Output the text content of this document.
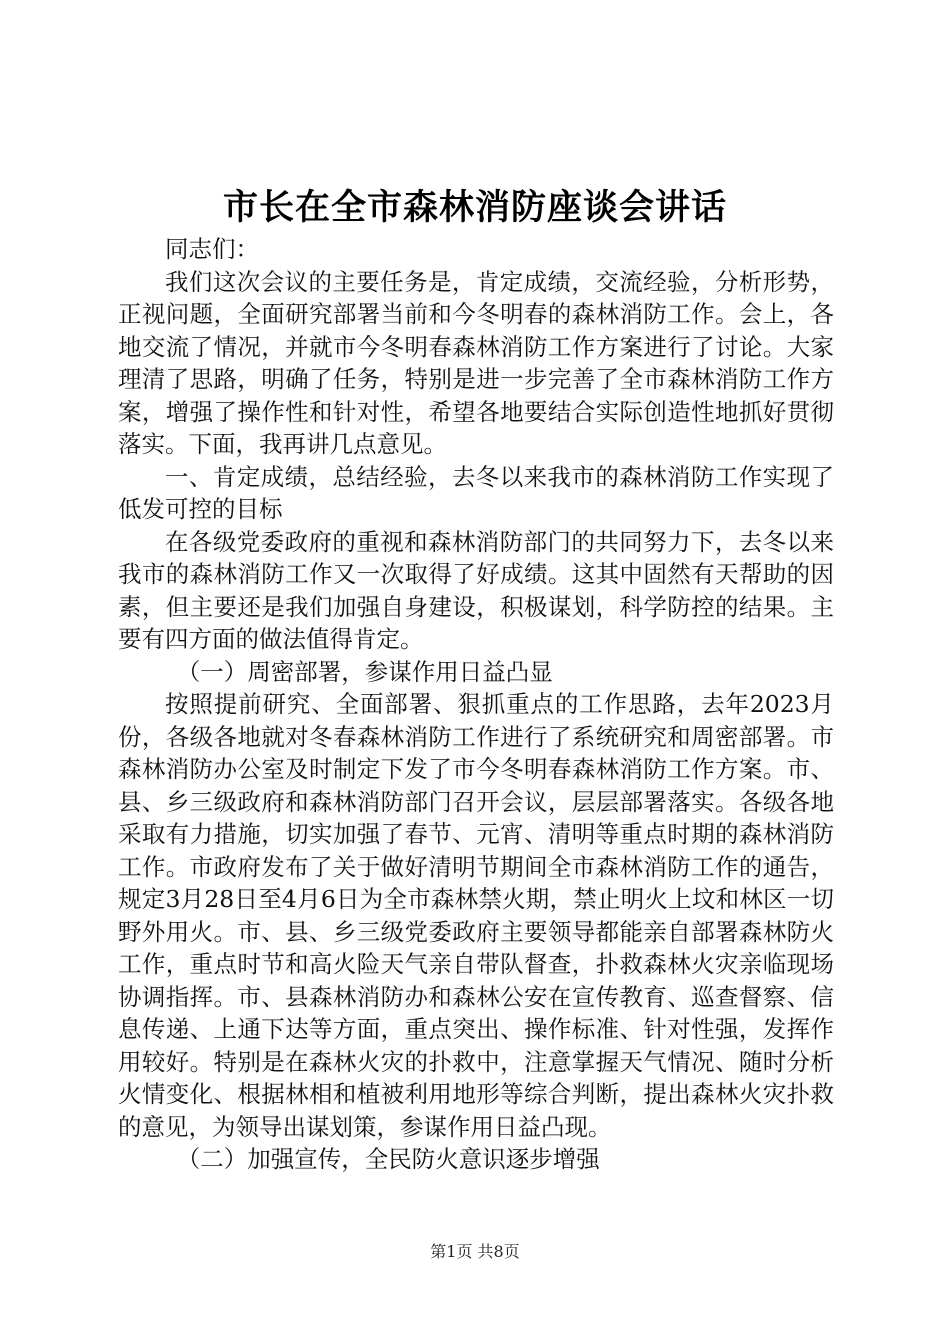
市长在全市森林消防座谈会讲话

同志们：

我们这次会议的主要任务是，肯定成绩，交流经验，分析形势，正视问题，全面研究部署当前和今冬明春的森林消防工作。会上，各地交流了情况，并就市今冬明春森林消防工作方案进行了讨论。大家理清了思路，明确了任务，特别是进一步完善了全市森林消防工作方案，增强了操作性和针对性，希望各地要结合实际创造性地抓好贯彻落实。下面，我再讲几点意见。

一、肯定成绩，总结经验，去冬以来我市的森林消防工作实现了低发可控的目标

在各级党委政府的重视和森林消防部门的共同努力下，去冬以来我市的森林消防工作又一次取得了好成绩。这其中固然有天帮助的因素，但主要还是我们加强自身建设，积极谋划，科学防控的结果。主要有四方面的做法值得肯定。

（一）周密部署，参谋作用日益凸显

按照提前研究、全面部署、狠抓重点的工作思路，去年2023月份，各级各地就对冬春森林消防工作进行了系统研究和周密部署。市森林消防办公室及时制定下发了市今冬明春森林消防工作方案。市、县、乡三级政府和森林消防部门召开会议，层层部署落实。各级各地采取有力措施，切实加强了春节、元宵、清明等重点时期的森林消防工作。市政府发布了关于做好清明节期间全市森林消防工作的通告，规定3月28日至4月6日为全市森林禁火期，禁止明火上坟和林区一切野外用火。市、县、乡三级党委政府主要领导都能亲自部署森林防火工作，重点时节和高火险天气亲自带队督查，扑救森林火灾亲临现场协调指挥。市、县森林消防办和森林公安在宣传教育、巡查督察、信息传递、上通下达等方面，重点突出、操作标准、针对性强，发挥作用较好。特别是在森林火灾的扑救中，注意掌握天气情况、随时分析火情变化、根据林相和植被利用地形等综合判断，提出森林火灾扑救的意见，为领导出谋划策，参谋作用日益凸现。

（二）加强宣传，全民防火意识逐步增强

第1页 共8页
